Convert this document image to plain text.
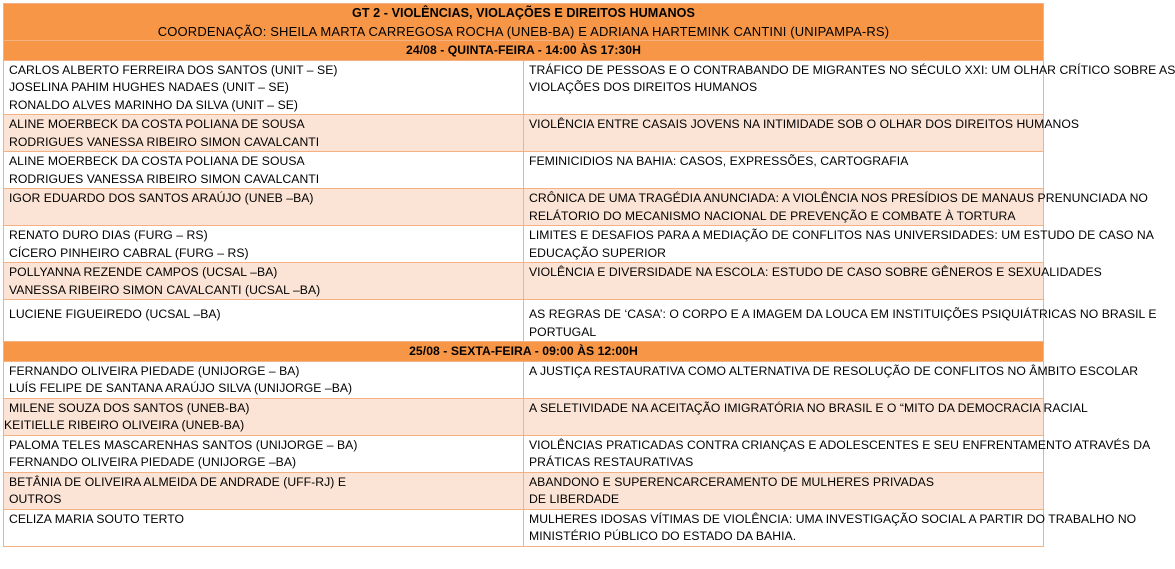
GT 2 - VIOLÊNCIAS, VIOLAÇÕES E DIREITOS HUMANOS
COORDENAÇÃO: SHEILA MARTA CARREGOSA ROCHA (UNEB-BA) E ADRIANA HARTEMINK CANTINI (UNIPAMPA-RS)	

24/08 - QUINTA-FEIRA - 14:00 ÀS 17:30H	

CARLOS ALBERTO FERREIRA DOS SANTOS (UNIT – SE)
JOSELINA PAHIM HUGHES NADAES (UNIT – SE)
RONALDO ALVES MARINHO DA SILVA (UNIT – SE)	TRÁFICO DE PESSOAS E O CONTRABANDO DE MIGRANTES NO SÉCULO XXI: UM OLHAR CRÍTICO SOBRE AS
VIOLAÇÕES DOS DIREITOS HUMANOS

ALINE MOERBECK DA COSTA POLIANA DE SOUSA
RODRIGUES VANESSA RIBEIRO SIMON CAVALCANTI	VIOLÊNCIA ENTRE CASAIS JOVENS NA INTIMIDADE SOB O OLHAR DOS DIREITOS HUMANOS

ALINE MOERBECK DA COSTA POLIANA DE SOUSA
RODRIGUES VANESSA RIBEIRO SIMON CAVALCANTI	FEMINICIDIOS NA BAHIA: CASOS, EXPRESSÕES, CARTOGRAFIA

IGOR EDUARDO DOS SANTOS ARAÚJO (UNEB –BA)	CRÔNICA DE UMA TRAGÉDIA ANUNCIADA: A VIOLÊNCIA NOS PRESÍDIOS DE MANAUS PRENUNCIADA NO
RELÁTORIO DO MECANISMO NACIONAL DE PREVENÇÃO E COMBATE À TORTURA

RENATO DURO DIAS (FURG – RS)
CÍCERO PINHEIRO CABRAL (FURG – RS)	LIMITES E DESAFIOS PARA A MEDIAÇÃO DE CONFLITOS NAS UNIVERSIDADES: UM ESTUDO DE CASO NA
EDUCAÇÃO SUPERIOR

POLLYANNA REZENDE CAMPOS (UCSAL –BA)
VANESSA RIBEIRO SIMON CAVALCANTI (UCSAL –BA)	VIOLÊNCIA E DIVERSIDADE NA ESCOLA: ESTUDO DE CASO SOBRE GÊNEROS E SEXUALIDADES

LUCIENE FIGUEIREDO (UCSAL –BA)	AS REGRAS DE ‘CASA’: O CORPO E A IMAGEM DA LOUCA EM INSTITUIÇÕES PSIQUIÁTRICAS NO BRASIL E
PORTUGAL

25/08 - SEXTA-FEIRA - 09:00 ÀS 12:00H	

FERNANDO OLIVEIRA PIEDADE (UNIJORGE – BA)
LUÍS FELIPE DE SANTANA ARAÚJO SILVA (UNIJORGE –BA)	A JUSTIÇA RESTAURATIVA COMO ALTERNATIVA DE RESOLUÇÃO DE CONFLITOS NO ÂMBITO ESCOLAR

MILENE SOUZA DOS SANTOS (UNEB-BA)
KEITIELLE RIBEIRO OLIVEIRA (UNEB-BA)	A SELETIVIDADE NA ACEITAÇÃO IMIGRATÓRIA NO BRASIL E O “MITO DA DEMOCRACIA RACIAL

PALOMA TELES MASCARENHAS SANTOS (UNIJORGE – BA)
FERNANDO OLIVEIRA PIEDADE (UNIJORGE –BA)	VIOLÊNCIAS PRATICADAS CONTRA CRIANÇAS E ADOLESCENTES E SEU ENFRENTAMENTO ATRAVÉS DA
PRÁTICAS RESTAURATIVAS

BETÂNIA DE OLIVEIRA ALMEIDA DE ANDRADE (UFF-RJ) E
OUTROS	ABANDONO E SUPERENCARCERAMENTO DE MULHERES PRIVADAS
DE LIBERDADE

CELIZA MARIA SOUTO TERTO	MULHERES IDOSAS VÍTIMAS DE VIOLÊNCIA: UMA INVESTIGAÇÃO SOCIAL A PARTIR DO TRABALHO NO
MINISTÉRIO PÚBLICO DO ESTADO DA BAHIA.
